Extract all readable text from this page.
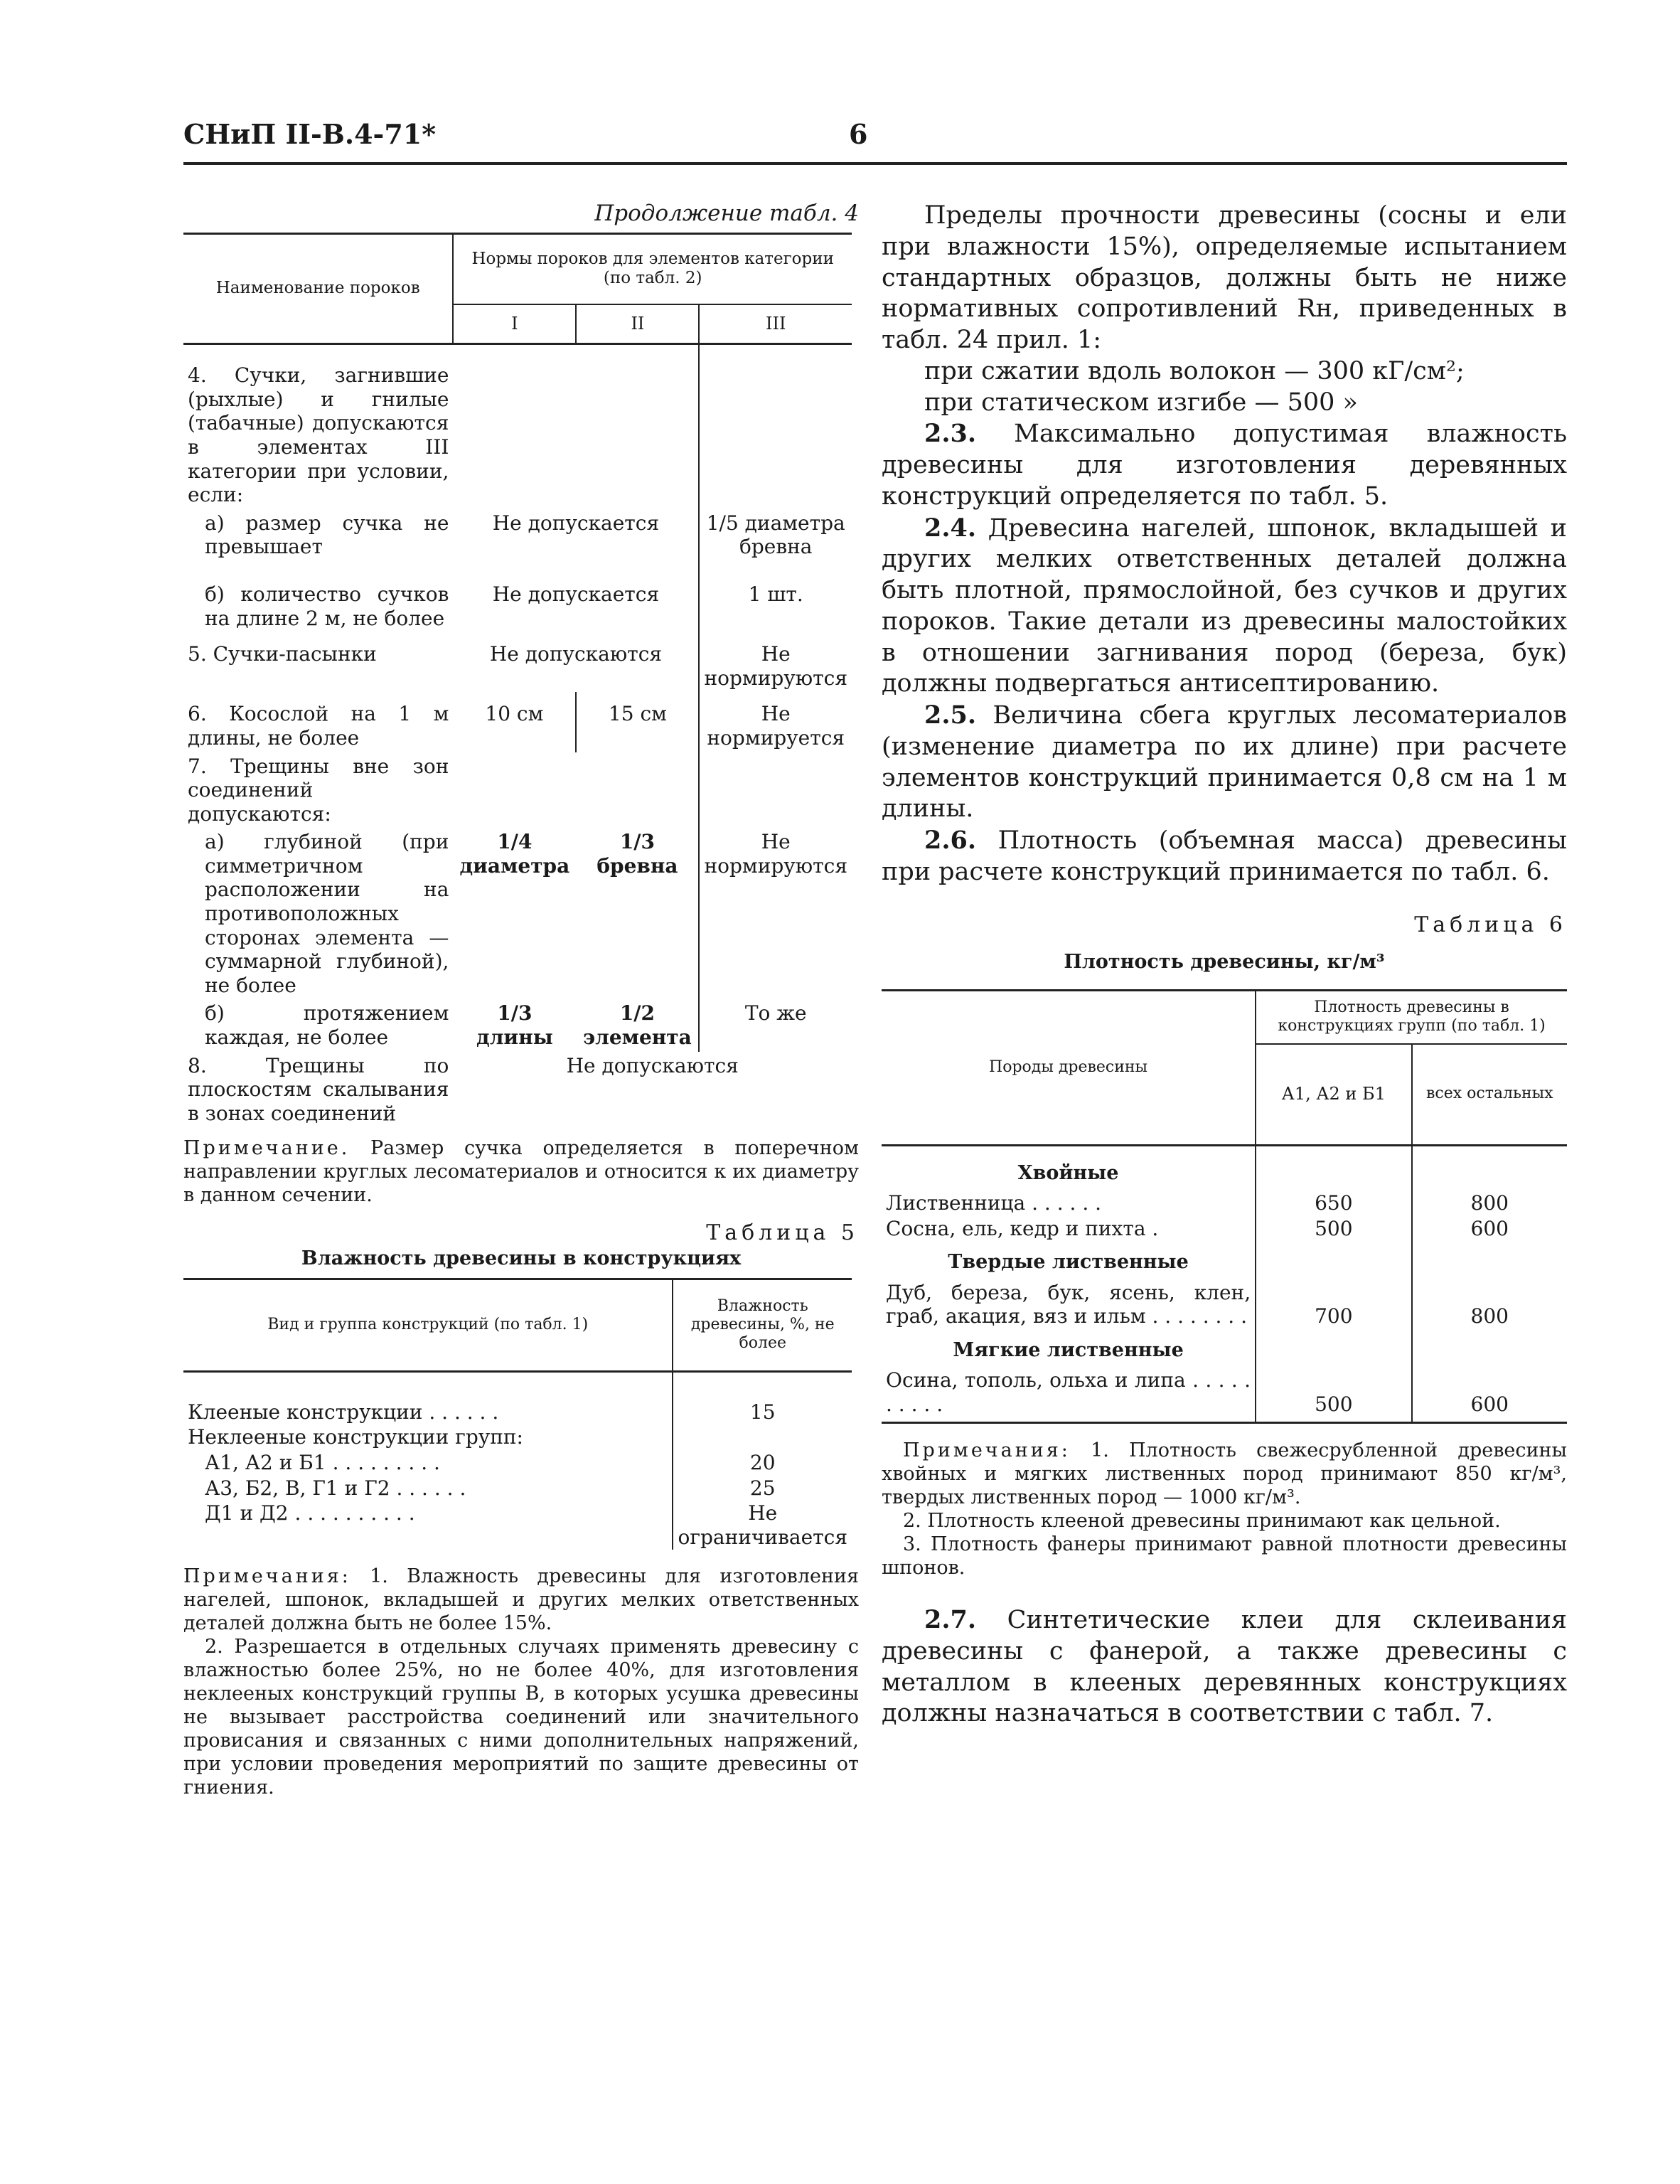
СНиП II-В.4-71*	6
Продолжение табл. 4
Наименование пороков	Нормы пороков для элементов категории (по табл. 2)		
	I	II	III
4. Сучки, загнившие (рыхлые) и гнилые (табачные) допускаются в элементах III категории при условии, если:			
а) размер сучка не превышает	Не допускается		1/5 диаметра бревна
б) количество сучков на длине 2 м, не более	Не допускается		1 шт.
5. Сучки-пасынки	Не допускаются		Не нормируются
6. Косослой на 1 м длины, не более	10 см	15 см	Не нормируется
7. Трещины вне зон соединений допускаются:			
а) глубиной (при симметричном расположении на противоположных сторонах элемента — суммарной глубиной), не более	1/4 диаметра	1/3 бревна	Не нормируются
б) протяжением каждая, не более	1/3 длины	1/2 элемента	То же
8. Трещины по плоскостям скалывания в зонах соединений	Не допускаются		
Примечание. Размер сучка определяется в поперечном направлении круглых лесоматериалов и относится к их диаметру в данном сечении.
Таблица 5
Влажность древесины в конструкциях
Вид и группа конструкций (по табл. 1)	Влажность древесины, %, не более

Клееные конструкции . . . . . .	15
Неклееные конструкции групп:	
А1, А2 и Б1 . . . . . . . . .	20
А3, Б2, В, Г1 и Г2 . . . . . .	25
Д1 и Д2 . . . . . . . . . .	Не ограничивается
Примечания: 1. Влажность древесины для изготовления нагелей, шпонок, вкладышей и других мелких ответственных деталей должна быть не более 15%.
2. Разрешается в отдельных случаях применять древесину с влажностью более 25%, но не более 40%, для изготовления неклееных конструкций группы В, в которых усушка древесины не вызывает расстройства соединений или значительного провисания и связанных с ними дополнительных напряжений, при условии проведения мероприятий по защите древесины от гниения.

Пределы прочности древесины (сосны и ели при влажности 15%), определяемые испытанием стандартных образцов, должны быть не ниже нормативных сопротивлений Rн, приведенных в табл. 24 прил. 1:

при сжатии вдоль волокон — 300 кГ/см²;

при статическом изгибе — 500 »

2.3. Максимально допустимая влажность древесины для изготовления деревянных конструкций определяется по табл. 5.

2.4. Древесина нагелей, шпонок, вкладышей и других мелких ответственных деталей должна быть плотной, прямослойной, без сучков и других пороков. Такие детали из древесины малостойких в отношении загнивания пород (береза, бук) должны подвергаться антисептированию.

2.5. Величина сбега круглых лесоматериалов (изменение диаметра по их длине) при расчете элементов конструкций принимается 0,8 см на 1 м длины.

2.6. Плотность (объемная масса) древесины при расчете конструкций принимается по табл. 6.

Таблица 6
Плотность древесины, кг/м³
Породы древесины	Плотность древесины в конструкциях групп (по табл. 1)	
	А1, А2 и Б1	всех остальных
Хвойные		
Лиственница . . . . . .	650	800
Сосна, ель, кедр и пихта .	500	600
Твердые лиственные		
Дуб, береза, бук, ясень, клен, граб, акация, вяз и ильм . . . . . . . .	700	800
Мягкие лиственные		
Осина, тополь, ольха и липа . . . . . . . . . .	500	600

Примечания: 1. Плотность свежесрубленной древесины хвойных и мягких лиственных пород принимают 850 кг/м³, твердых лиственных пород — 1000 кг/м³.

2. Плотность клееной древесины принимают как цельной.

3. Плотность фанеры принимают равной плотности древесины шпонов.

2.7. Синтетические клеи для склеивания древесины с фанерой, а также древесины с металлом в клееных деревянных конструкциях должны назначаться в соответствии с табл. 7.
